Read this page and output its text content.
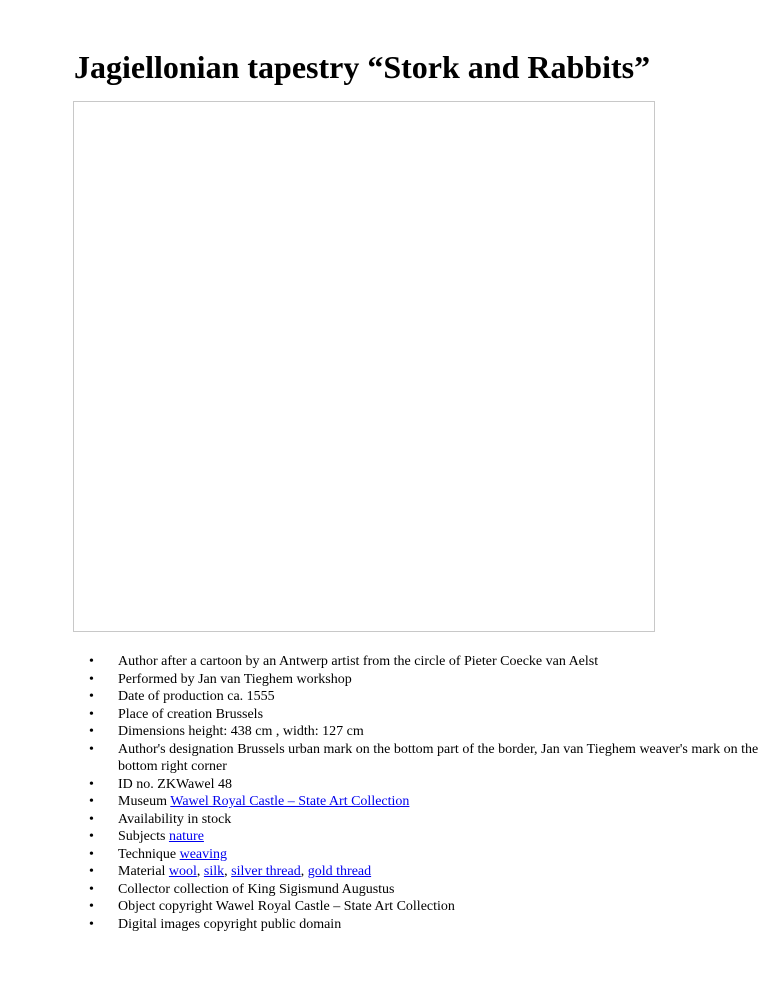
Jagiellonian tapestry “Stork and Rabbits”
• Author after a cartoon by an Antwerp artist from the circle of Pieter Coecke van Aelst
• Performed by Jan van Tieghem workshop
• Date of production ca. 1555
• Place of creation Brussels
• Dimensions height: 438 cm , width: 127 cm
• Author's designation Brussels urban mark on the bottom part of the border, Jan van Tieghem weaver's mark on the bottom right corner
• ID no. ZKWawel 48
• Museum Wawel Royal Castle – State Art Collection
• Availability in stock
• Subjects nature
• Technique weaving
• Material wool, silk, silver thread, gold thread
• Collector collection of King Sigismund Augustus
• Object copyright Wawel Royal Castle – State Art Collection
• Digital images copyright public domain
